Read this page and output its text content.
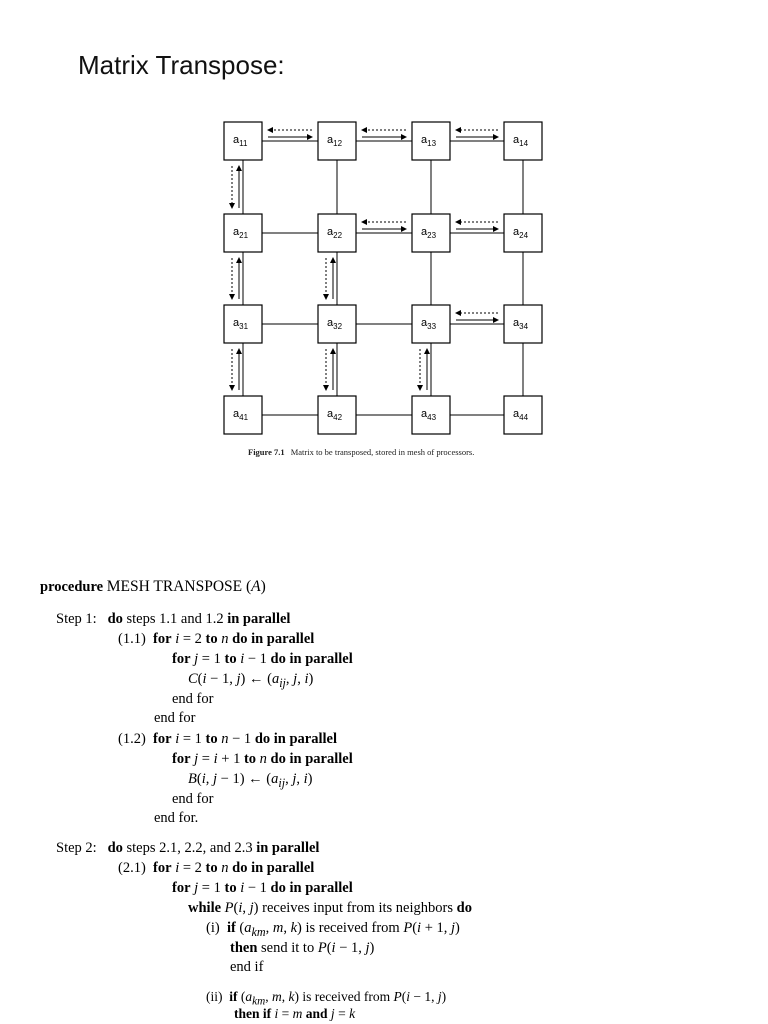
Matrix Transpose:
$a_{11}$	$a_{12}$	$a_{13}$	$a_{14}$
$a_{21}$	$a_{22}$	$a_{23}$	$a_{24}$
$a_{31}$	$a_{32}$	$a_{33}$	$a_{34}$
$a_{41}$	$a_{42}$	$a_{43}$	$a_{44}$
Figure 7.1 Matrix to be transposed, stored in mesh of processors.
procedure MESH TRANSPOSE (A)
Step 1:   do steps 1.1 and 1.2 in parallel
(1.1)  for i = 2 to n do in parallel
for j = 1 to i − 1 do in parallel
C(i − 1, j) ← ($a_{ij}$, j, i)
end for
end for
(1.2)  for i = 1 to n − 1 do in parallel
for j = i + 1 to n do in parallel
B(i, j − 1) ← ($a_{ij}$, j, i)
end for
end for.
Step 2:   do steps 2.1, 2.2, and 2.3 in parallel
(2.1)  for i = 2 to n do in parallel
for j = 1 to i − 1 do in parallel
while P(i, j) receives input from its neighbors do
(i)  if ($a_{km}$, m, k) is received from P(i + 1, j)
then send it to P(i − 1, j)
end if
(ii)  if ($a_{km}$, m, k) is received from P(i − 1, j)
then if i = m and j = k
